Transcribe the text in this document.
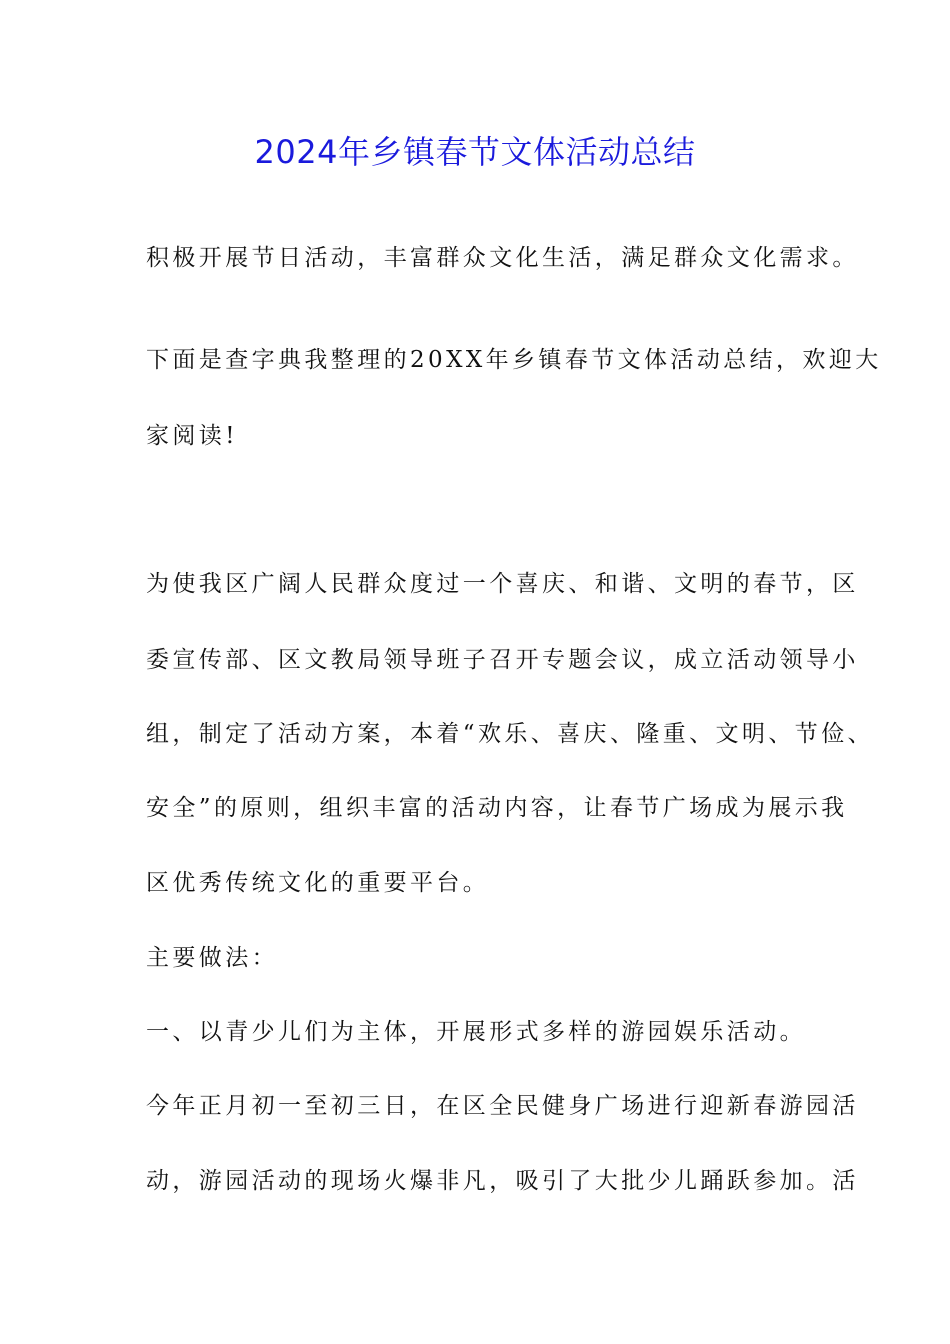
2024年乡镇春节文体活动总结
积极开展节日活动，丰富群众文化生活，满足群众文化需求。
下面是查字典我整理的20XX年乡镇春节文体活动总结，欢迎大
家阅读!
为使我区广阔人民群众度过一个喜庆、和谐、文明的春节，区
委宣传部、区文教局领导班子召开专题会议，成立活动领导小
组，制定了活动方案，本着“欢乐、喜庆、隆重、文明、节俭、
安全”的原则，组织丰富的活动内容，让春节广场成为展示我
区优秀传统文化的重要平台。
主要做法：
一、以青少儿们为主体，开展形式多样的游园娱乐活动。
今年正月初一至初三日，在区全民健身广场进行迎新春游园活
动，游园活动的现场火爆非凡，吸引了大批少儿踊跃参加。活
